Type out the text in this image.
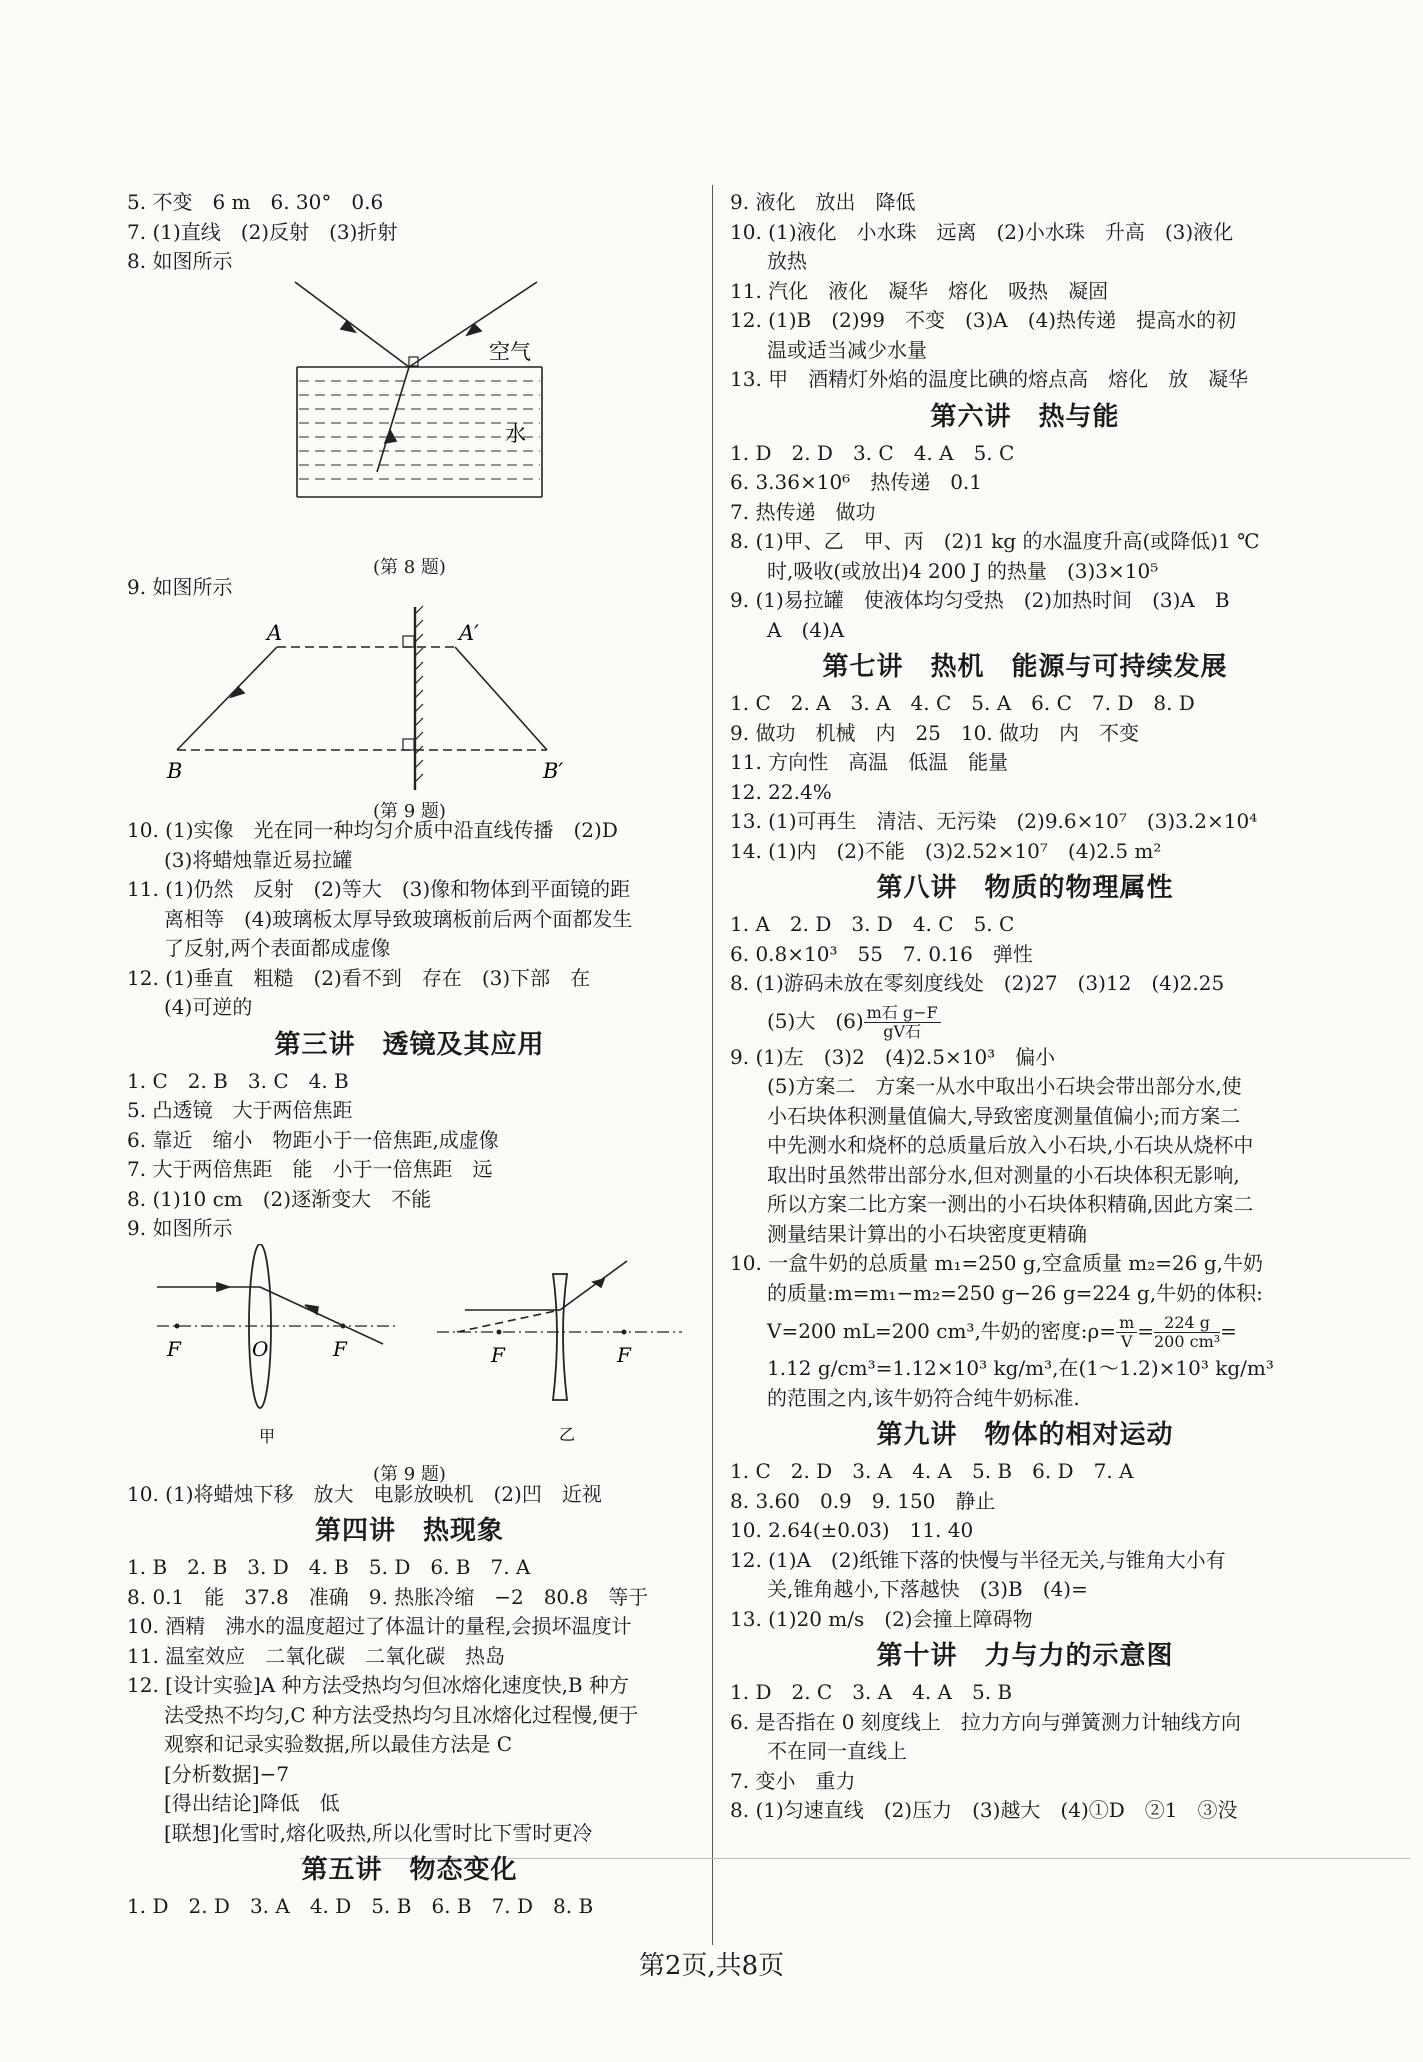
5. 不变　6 m　6. 30°　0.6
7. (1)直线　(2)反射　(3)折射
8. 如图所示
空气
水
(第 8 题)
9. 如图所示
A	A′
B	B′
(第 9 题)
10. (1)实像　光在同一种均匀介质中沿直线传播　(2)D
(3)将蜡烛靠近易拉罐
11. (1)仍然　反射　(2)等大　(3)像和物体到平面镜的距
离相等　(4)玻璃板太厚导致玻璃板前后两个面都发生
了反射,两个表面都成虚像
12. (1)垂直　粗糙　(2)看不到　存在　(3)下部　在
(4)可逆的
第三讲　透镜及其应用
1. C　2. B　3. C　4. B
5. 凸透镜　大于两倍焦距
6. 靠近　缩小　物距小于一倍焦距,成虚像
7. 大于两倍焦距　能　小于一倍焦距　远
8. (1)10 cm　(2)逐渐变大　不能
9. 如图所示
F	O	F
甲
F	F
乙
(第 9 题)
10. (1)将蜡烛下移　放大　电影放映机　(2)凹　近视
第四讲　热现象
1. B　2. B　3. D　4. B　5. D　6. B　7. A
8. 0.1　能　37.8　准确　9. 热胀冷缩　−2　80.8　等于
10. 酒精　沸水的温度超过了体温计的量程,会损坏温度计
11. 温室效应　二氧化碳　二氧化碳　热岛
12. [设计实验]A 种方法受热均匀但冰熔化速度快,B 种方
法受热不均匀,C 种方法受热均匀且冰熔化过程慢,便于
观察和记录实验数据,所以最佳方法是 C
[分析数据]−7
[得出结论]降低　低
[联想]化雪时,熔化吸热,所以化雪时比下雪时更冷
第五讲　物态变化
1. D　2. D　3. A　4. D　5. B　6. B　7. D　8. B
9. 液化　放出　降低
10. (1)液化　小水珠　远离　(2)小水珠　升高　(3)液化
放热
11. 汽化　液化　凝华　熔化　吸热　凝固
12. (1)B　(2)99　不变　(3)A　(4)热传递　提高水的初
温或适当减少水量
13. 甲　酒精灯外焰的温度比碘的熔点高　熔化　放　凝华
第六讲　热与能
1. D　2. D　3. C　4. A　5. C
6. 3.36×10⁶　热传递　0.1
7. 热传递　做功
8. (1)甲、乙　甲、丙　(2)1 kg 的水温度升高(或降低)1 ℃
时,吸收(或放出)4 200 J 的热量　(3)3×10⁵
9. (1)易拉罐　使液体均匀受热　(2)加热时间　(3)A　B
A　(4)A
第七讲　热机　能源与可持续发展
1. C　2. A　3. A　4. C　5. A　6. C　7. D　8. D
9. 做功　机械　内　25　10. 做功　内　不变
11. 方向性　高温　低温　能量
12. 22.4%
13. (1)可再生　清洁、无污染　(2)9.6×10⁷　(3)3.2×10⁴
14. (1)内　(2)不能　(3)2.52×10⁷　(4)2.5 m²
第八讲　物质的物理属性
1. A　2. D　3. D　4. C　5. C
6. 0.8×10³　55　7. 0.16　弹性
8. (1)游码未放在零刻度线处　(2)27　(3)12　(4)2.25
(5)大　(6) m石 g−F
gV石
9. (1)左　(3)2　(4)2.5×10³　偏小
(5)方案二　方案一从水中取出小石块会带出部分水,使
小石块体积测量值偏大,导致密度测量值偏小;而方案二
中先测水和烧杯的总质量后放入小石块,小石块从烧杯中
取出时虽然带出部分水,但对测量的小石块体积无影响,
所以方案二比方案一测出的小石块体积精确,因此方案二
测量结果计算出的小石块密度更精确
10. 一盒牛奶的总质量 m₁=250 g,空盒质量 m₂=26 g,牛奶
的质量:m=m₁−m₂=250 g−26 g=224 g,牛奶的体积:
V=200 mL=200 cm³,牛奶的密度:ρ= $\frac{m}{V} = \frac{224 g}{\text{200 cm³}}$ =
1.12 g/cm³=1.12×10³ kg/m³,在(1～1.2)×10³ kg/m³
的范围之内,该牛奶符合纯牛奶标准.
第九讲　物体的相对运动
1. C　2. D　3. A　4. A　5. B　6. D　7. A
8. 3.60　0.9　9. 150　静止
10. 2.64(±0.03)　11. 40
12. (1)A　(2)纸锥下落的快慢与半径无关,与锥角大小有
关,锥角越小,下落越快　(3)B　(4)=
13. (1)20 m/s　(2)会撞上障碍物
第十讲　力与力的示意图
1. D　2. C　3. A　4. A　5. B
6. 是否指在 0 刻度线上　拉力方向与弹簧测力计轴线方向
不在同一直线上
7. 变小　重力
8. (1)匀速直线　(2)压力　(3)越大　(4)①D　②1　③没
第2页,共8页
